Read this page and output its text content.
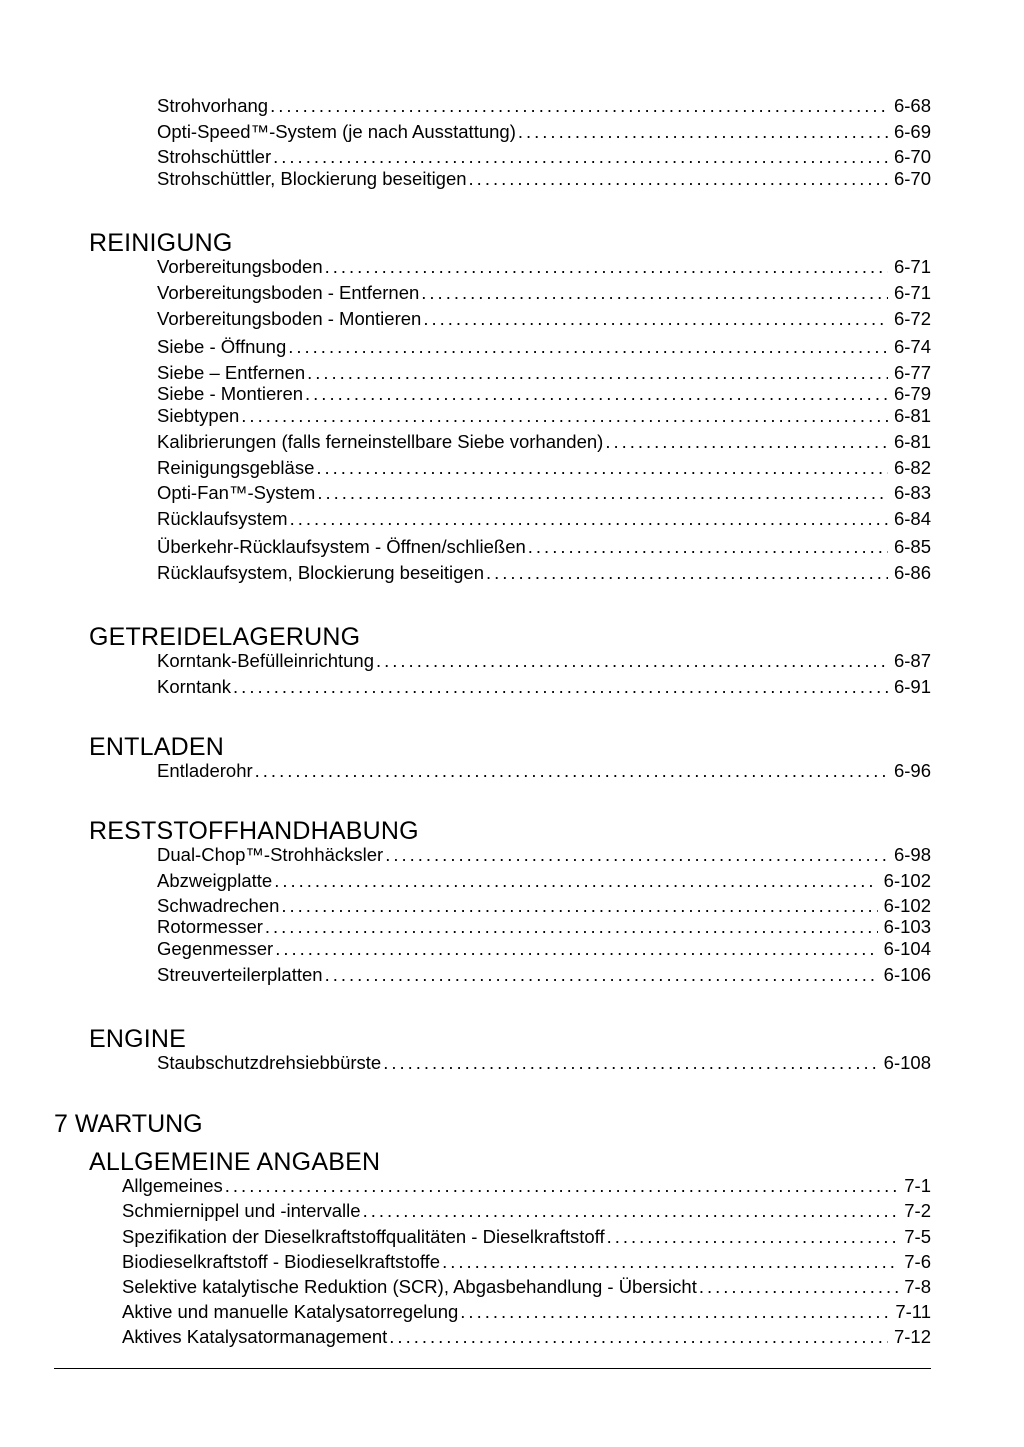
Strohvorhang .....	6-68
Opti-Speed™-System (je nach Ausstattung) .....	6-69
Strohschüttler .....	6-70
Strohschüttler, Blockierung beseitigen .....	6-70
REINIGUNG
Vorbereitungsboden .....	6-71
Vorbereitungsboden - Entfernen .....	6-71
Vorbereitungsboden - Montieren .....	6-72
Siebe - Öffnung .....	6-74
Siebe – Entfernen .....	6-77
Siebe - Montieren .....	6-79
Siebtypen .....	6-81
Kalibrierungen (falls ferneinstellbare Siebe vorhanden) .....	6-81
Reinigungsgebläse .....	6-82
Opti-Fan™-System .....	6-83
Rücklaufsystem .....	6-84
Überkehr-Rücklaufsystem - Öffnen/schließen .....	6-85
Rücklaufsystem, Blockierung beseitigen .....	6-86
GETREIDELAGERUNG
Korntank-Befülleinrichtung .....	6-87
Korntank .....	6-91
ENTLADEN
Entladerohr .....	6-96
RESTSTOFFHANDHABUNG
Dual-Chop™-Strohhäcksler .....	6-98
Abzweigplatte .....	6-102
Schwadrechen .....	6-102
Rotormesser .....	6-103
Gegenmesser .....	6-104
Streuverteilerplatten .....	6-106
ENGINE
Staubschutzdrehsiebbürste .....	6-108
7 WARTUNG
ALLGEMEINE ANGABEN
Allgemeines .....	7-1
Schmiernippel und -intervalle .....	7-2
Spezifikation der Dieselkraftstoffqualitäten - Dieselkraftstoff .....	7-5
Biodieselkraftstoff - Biodieselkraftstoffe .....	7-6
Selektive katalytische Reduktion (SCR), Abgasbehandlung - Übersicht .....	7-8
Aktive und manuelle Katalysatorregelung .....	7-11
Aktives Katalysatormanagement .....	7-12
